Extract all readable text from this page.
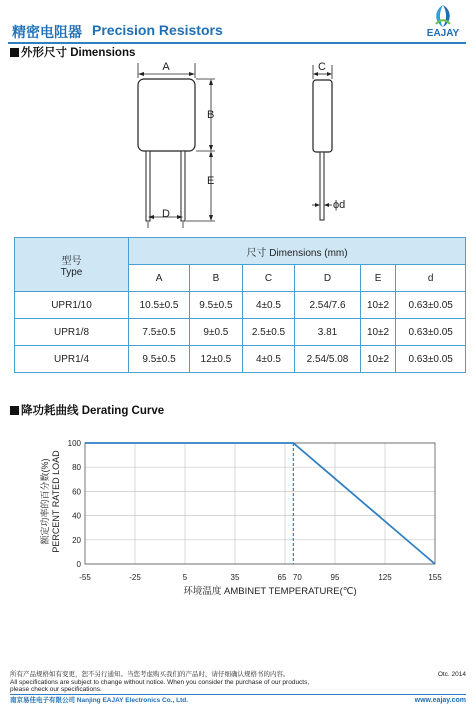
精密电阻器 Precision Resistors	EAJAY
外形尺寸 Dimensions
A
B
E
D
C
ϕd
型号
Type	尺寸 Dimensions (mm)					
	A	B	C	D	E	d
UPR1/10	10.5±0.5	9.5±0.5	4±0.5	2.54/7.6	10±2	0.63±0.05
UPR1/8	7.5±0.5	9±0.5	2.5±0.5	3.81	10±2	0.63±0.05
UPR1/4	9.5±0.5	12±0.5	4±0.5	2.54/5.08	10±2	0.63±0.05
降功耗曲线 Derating Curve
0
20
40
60
80
100
-55	-25	5	35	65 70	95	125	155
环境温度 AMBINET TEMPERATURE(℃)
额定功率的百分数(%) PERCENT RATED LOAD
所有产品规格如有变更，恕不另行通知。当您考虑购买我们的产品时，请仔细确认规格书的内容。	Otc. 2014
All specifications are subject to change without notice. When you consider the purchase of our products,
please check our specifications.
南京易佳电子有限公司 Nanjing EAJAY Electronics Co., Ltd.	www.eajay.com
